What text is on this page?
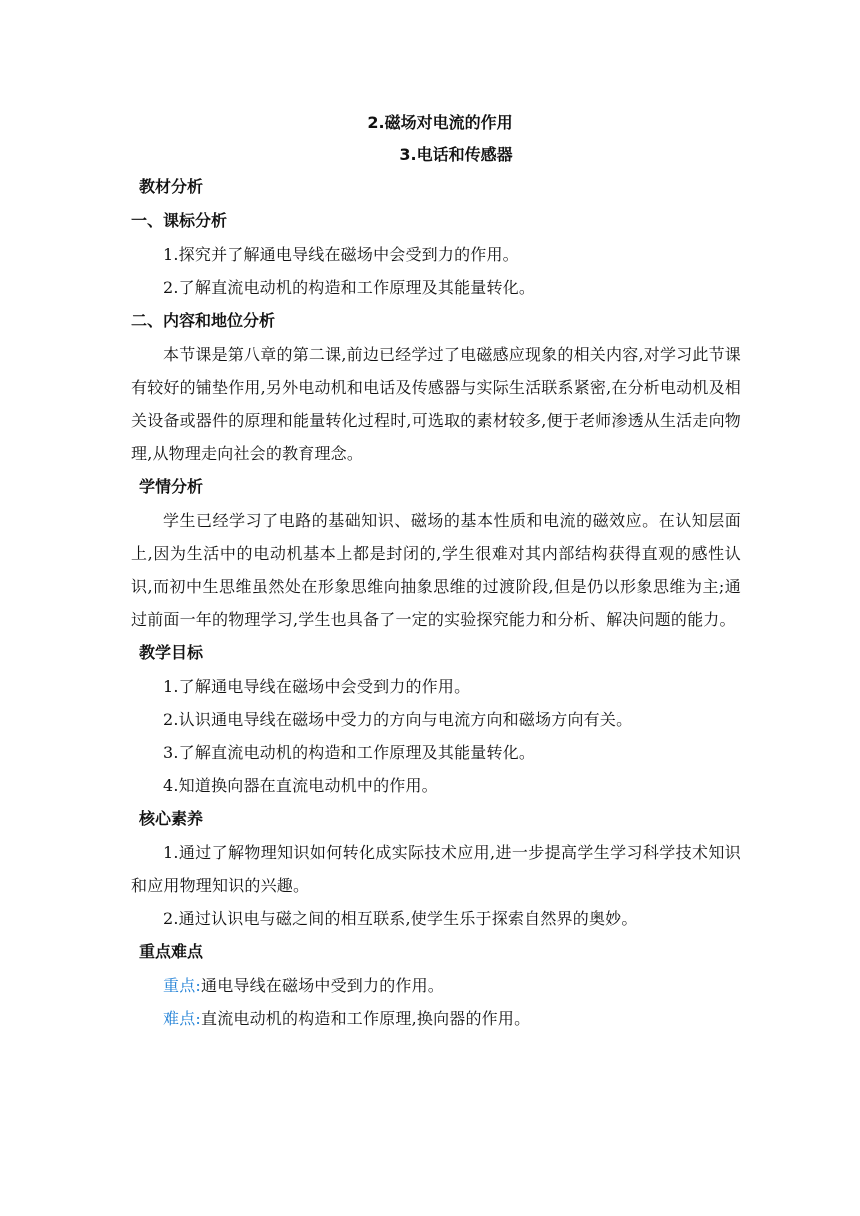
2.磁场对电流的作用

3.电话和传感器

教材分析

一、课标分析

1.探究并了解通电导线在磁场中会受到力的作用。

2.了解直流电动机的构造和工作原理及其能量转化。

二、内容和地位分析

本节课是第八章的第二课,前边已经学过了电磁感应现象的相关内容,对学习此节课有较好的铺垫作用,另外电动机和电话及传感器与实际生活联系紧密,在分析电动机及相关设备或器件的原理和能量转化过程时,可选取的素材较多,便于老师渗透从生活走向物理,从物理走向社会的教育理念。

学情分析

学生已经学习了电路的基础知识、磁场的基本性质和电流的磁效应。在认知层面上,因为生活中的电动机基本上都是封闭的,学生很难对其内部结构获得直观的感性认识,而初中生思维虽然处在形象思维向抽象思维的过渡阶段,但是仍以形象思维为主;通过前面一年的物理学习,学生也具备了一定的实验探究能力和分析、解决问题的能力。

教学目标

1.了解通电导线在磁场中会受到力的作用。

2.认识通电导线在磁场中受力的方向与电流方向和磁场方向有关。

3.了解直流电动机的构造和工作原理及其能量转化。

4.知道换向器在直流电动机中的作用。

核心素养

1.通过了解物理知识如何转化成实际技术应用,进一步提高学生学习科学技术知识和应用物理知识的兴趣。

2.通过认识电与磁之间的相互联系,使学生乐于探索自然界的奥妙。

重点难点

重点:通电导线在磁场中受到力的作用。

难点:直流电动机的构造和工作原理,换向器的作用。
